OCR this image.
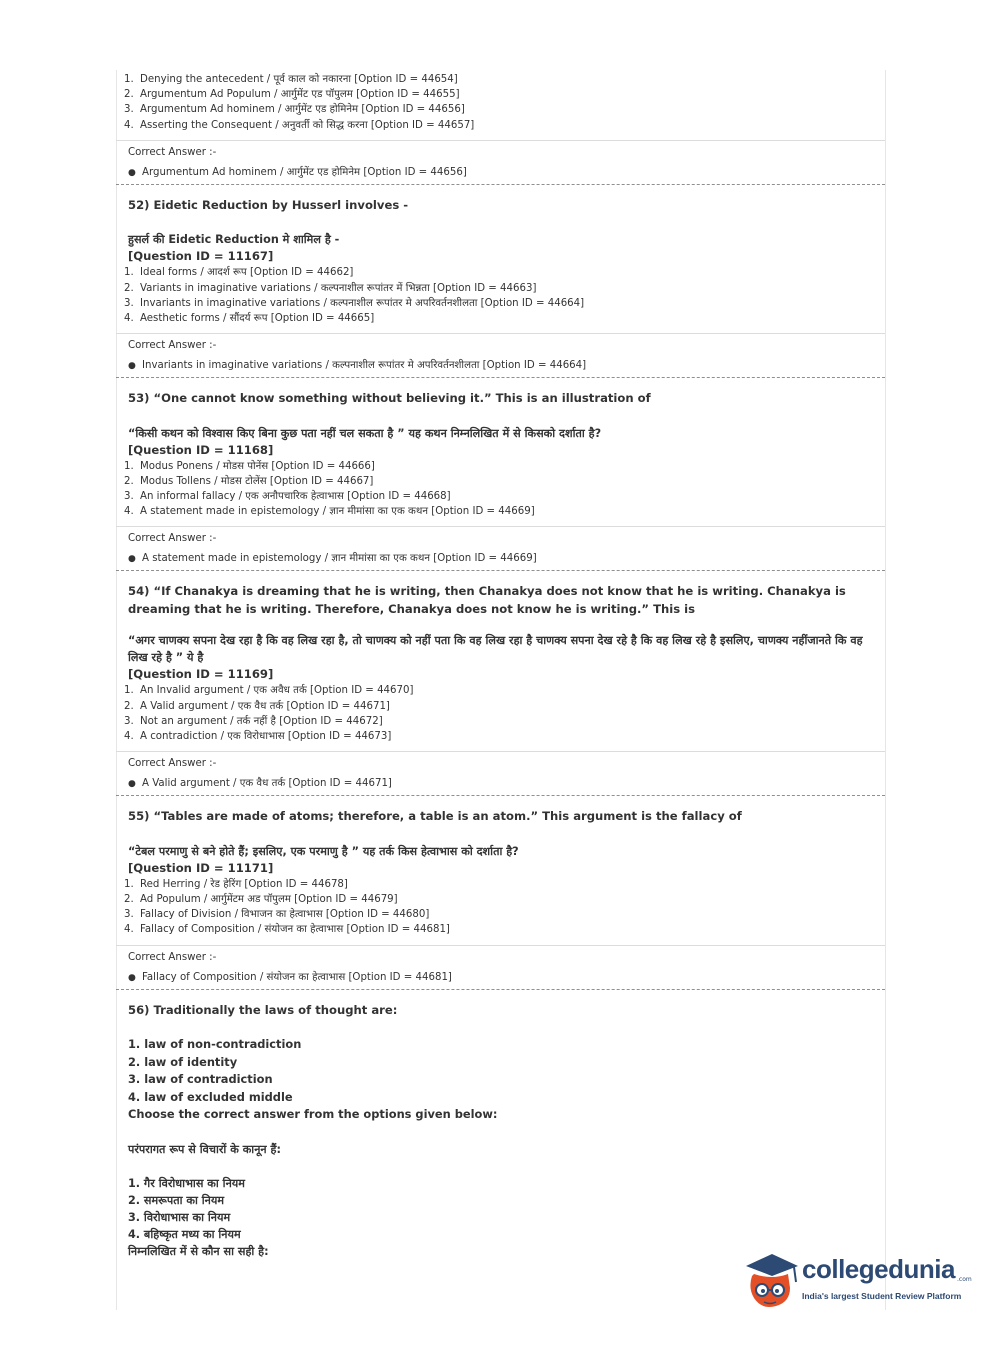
1. Denying the antecedent / पूर्व काल को नकारना [Option ID = 44654]
2. Argumentum Ad Populum / आर्गुमेंट एड पॉपुलम [Option ID = 44655]
3. Argumentum Ad hominem / आर्गुमेंट एड होमिनेम [Option ID = 44656]
4. Asserting the Consequent / अनुवर्ती को सिद्ध करना [Option ID = 44657]
Correct Answer :-
● Argumentum Ad hominem / आर्गुमेंट एड होमिनेम [Option ID = 44656]
52) Eidetic Reduction by Husserl involves -
हुसर्ल की Eidetic Reduction मे शामिल है -
[Question ID = 11167]
1. Ideal forms / आदर्श रूप [Option ID = 44662]
2. Variants in imaginative variations / कल्पनाशील रूपांतर में भिन्नता [Option ID = 44663]
3. Invariants in imaginative variations / कल्पनाशील रूपांतर मे अपरिवर्तनशीलता [Option ID = 44664]
4. Aesthetic forms / सौंदर्य रूप [Option ID = 44665]
Correct Answer :-
● Invariants in imaginative variations / कल्पनाशील रूपांतर मे अपरिवर्तनशीलता [Option ID = 44664]
53) “One cannot know something without believing it.” This is an illustration of
“किसी कथन को विश्वास किए बिना कुछ पता नहीं चल सकता है ” यह कथन निम्नलिखित में से किसको दर्शाता है?
[Question ID = 11168]
1. Modus Ponens / मोडस पोनेंस [Option ID = 44666]
2. Modus Tollens / मोडस टोलेंस [Option ID = 44667]
3. An informal fallacy / एक अनौपचारिक हेत्वाभास [Option ID = 44668]
4. A statement made in epistemology / ज्ञान मीमांसा का एक कथन [Option ID = 44669]
Correct Answer :-
● A statement made in epistemology / ज्ञान मीमांसा का एक कथन [Option ID = 44669]
54) “If Chanakya is dreaming that he is writing, then Chanakya does not know that he is writing. Chanakya is dreaming that he is writing. Therefore, Chanakya does not know he is writing.” This is
“अगर चाणक्य सपना देख रहा है कि वह लिख रहा है, तो चाणक्य को नहीं पता कि वह लिख रहा है चाणक्य सपना देख रहे है कि वह लिख रहे है इसलिए, चाणक्य नहींजानते कि वह लिख रहे है ” ये है
[Question ID = 11169]
1. An Invalid argument / एक अवैध तर्क [Option ID = 44670]
2. A Valid argument / एक वैध तर्क [Option ID = 44671]
3. Not an argument / तर्क नहीं है [Option ID = 44672]
4. A contradiction / एक विरोधाभास [Option ID = 44673]
Correct Answer :-
● A Valid argument / एक वैध तर्क [Option ID = 44671]
55) “Tables are made of atoms; therefore, a table is an atom.” This argument is the fallacy of
“टेबल परमाणु से बने होते हैं; इसलिए, एक परमाणु है ” यह तर्क किस हेत्वाभास को दर्शाता है?
[Question ID = 11171]
1. Red Herring / रेड हेरिंग [Option ID = 44678]
2. Ad Populum / आर्गुमेंटम अड पॉपुलम [Option ID = 44679]
3. Fallacy of Division / विभाजन का हेत्वाभास [Option ID = 44680]
4. Fallacy of Composition / संयोजन का हेत्वाभास [Option ID = 44681]
Correct Answer :-
● Fallacy of Composition / संयोजन का हेत्वाभास [Option ID = 44681]
56) Traditionally the laws of thought are:
1. law of non-contradiction
2. law of identity
3. law of contradiction
4. law of excluded middle
Choose the correct answer from the options given below:
परंपरागत रूप से विचारों के कानून हैं:
1. गैर विरोधाभास का नियम
2. समरूपता का नियम
3. विरोधाभास का नियम
4. बहिष्कृत मध्य का नियम
निम्नलिखित में से कौन सा सही है:
collegedunia .com
India's largest Student Review Platform
